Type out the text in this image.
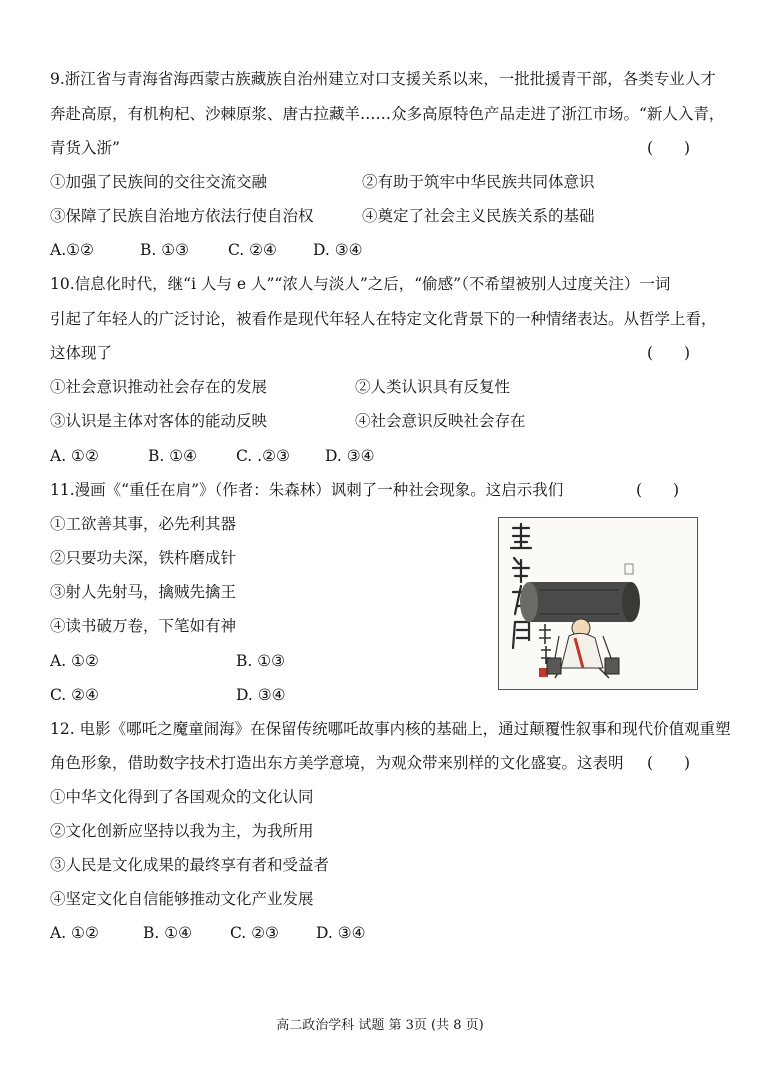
9.浙江省与青海省海西蒙古族藏族自治州建立对口支援关系以来，一批批援青干部，各类专业人才
奔赴高原，有机枸杞、沙棘原浆、唐古拉藏羊……众多高原特色产品走进了浙江市场。“新人入青，
青货入浙”	(　　)
①加强了民族间的交往交流交融	②有助于筑牢中华民族共同体意识
③保障了民族自治地方依法行使自治权	④奠定了社会主义民族关系的基础
A.①②	B. ①③	C. ②④ D. ③④
10.信息化时代，继“i 人与 e 人”“浓人与淡人”之后，“偷感”（不希望被别人过度关注）一词
引起了年轻人的广泛讨论，被看作是现代年轻人在特定文化背景下的一种情绪表达。从哲学上看，
这体现了	(　　)
①社会意识推动社会存在的发展	②人类认识具有反复性
③认识是主体对客体的能动反映	④社会意识反映社会存在
A. ①②	B. ①④	C. .②③ D. ③④
11.漫画《“重任在肩”》（作者：朱森林）讽刺了一种社会现象。这启示我们	(　　)
①工欲善其事，必先利其器
②只要功夫深，铁杵磨成针
③射人先射马，擒贼先擒王
④读书破万卷，下笔如有神
A. ①②	B. ①③
C. ②④	D. ③④
12. 电影《哪吒之魔童闹海》在保留传统哪吒故事内核的基础上，通过颠覆性叙事和现代价值观重塑
角色形象，借助数字技术打造出东方美学意境，为观众带来别样的文化盛宴。这表明 (　　)
①中华文化得到了各国观众的文化认同
②文化创新应坚持以我为主，为我所用
③人民是文化成果的最终享有者和受益者
④坚定文化自信能够推动文化产业发展
A. ①②	B. ①④ C. ②③ D. ③④
高二政治学科 试题 第 3页 (共 8 页)
